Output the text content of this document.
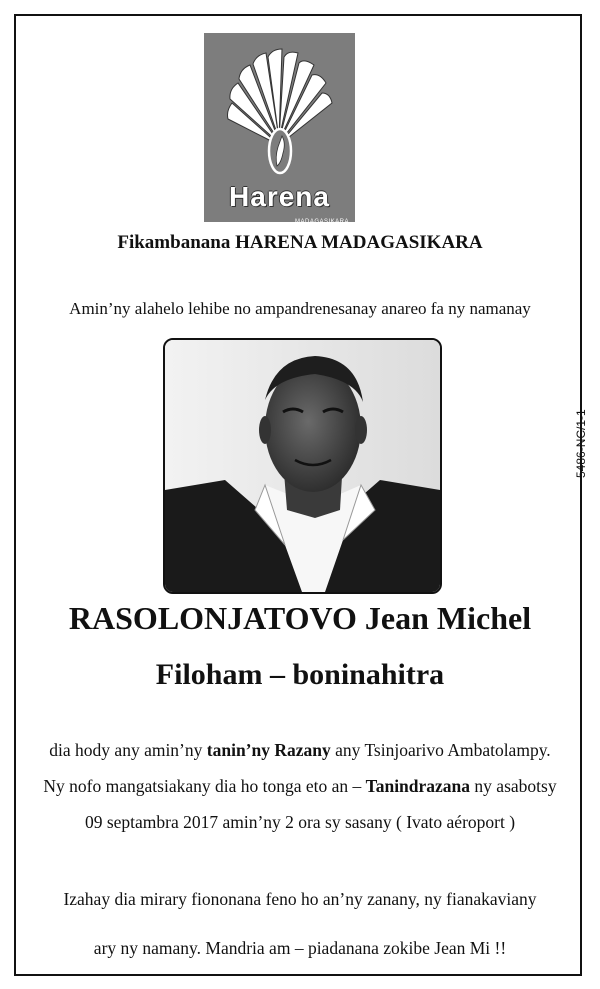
Harena
MADAGASIKARA
Fikambanana HARENA MADAGASIKARA
Amin’ny alahelo lehibe no ampandrenesanay anareo fa ny namanay
5486-NC/1-1
RASOLONJATOVO Jean Michel
Filoham – boninahitra
dia hody any amin’ny tanin’ny Razany any Tsinjoarivo Ambatolampy.
Ny nofo mangatsiakany dia ho tonga eto an – Tanindrazana ny asabotsy
09 septambra 2017 amin’ny 2 ora sy sasany ( Ivato aéroport )
Izahay dia mirary fiononana feno ho an’ny zanany, ny fianakaviany
ary ny namany. Mandria am – piadanana zokibe Jean Mi !!
